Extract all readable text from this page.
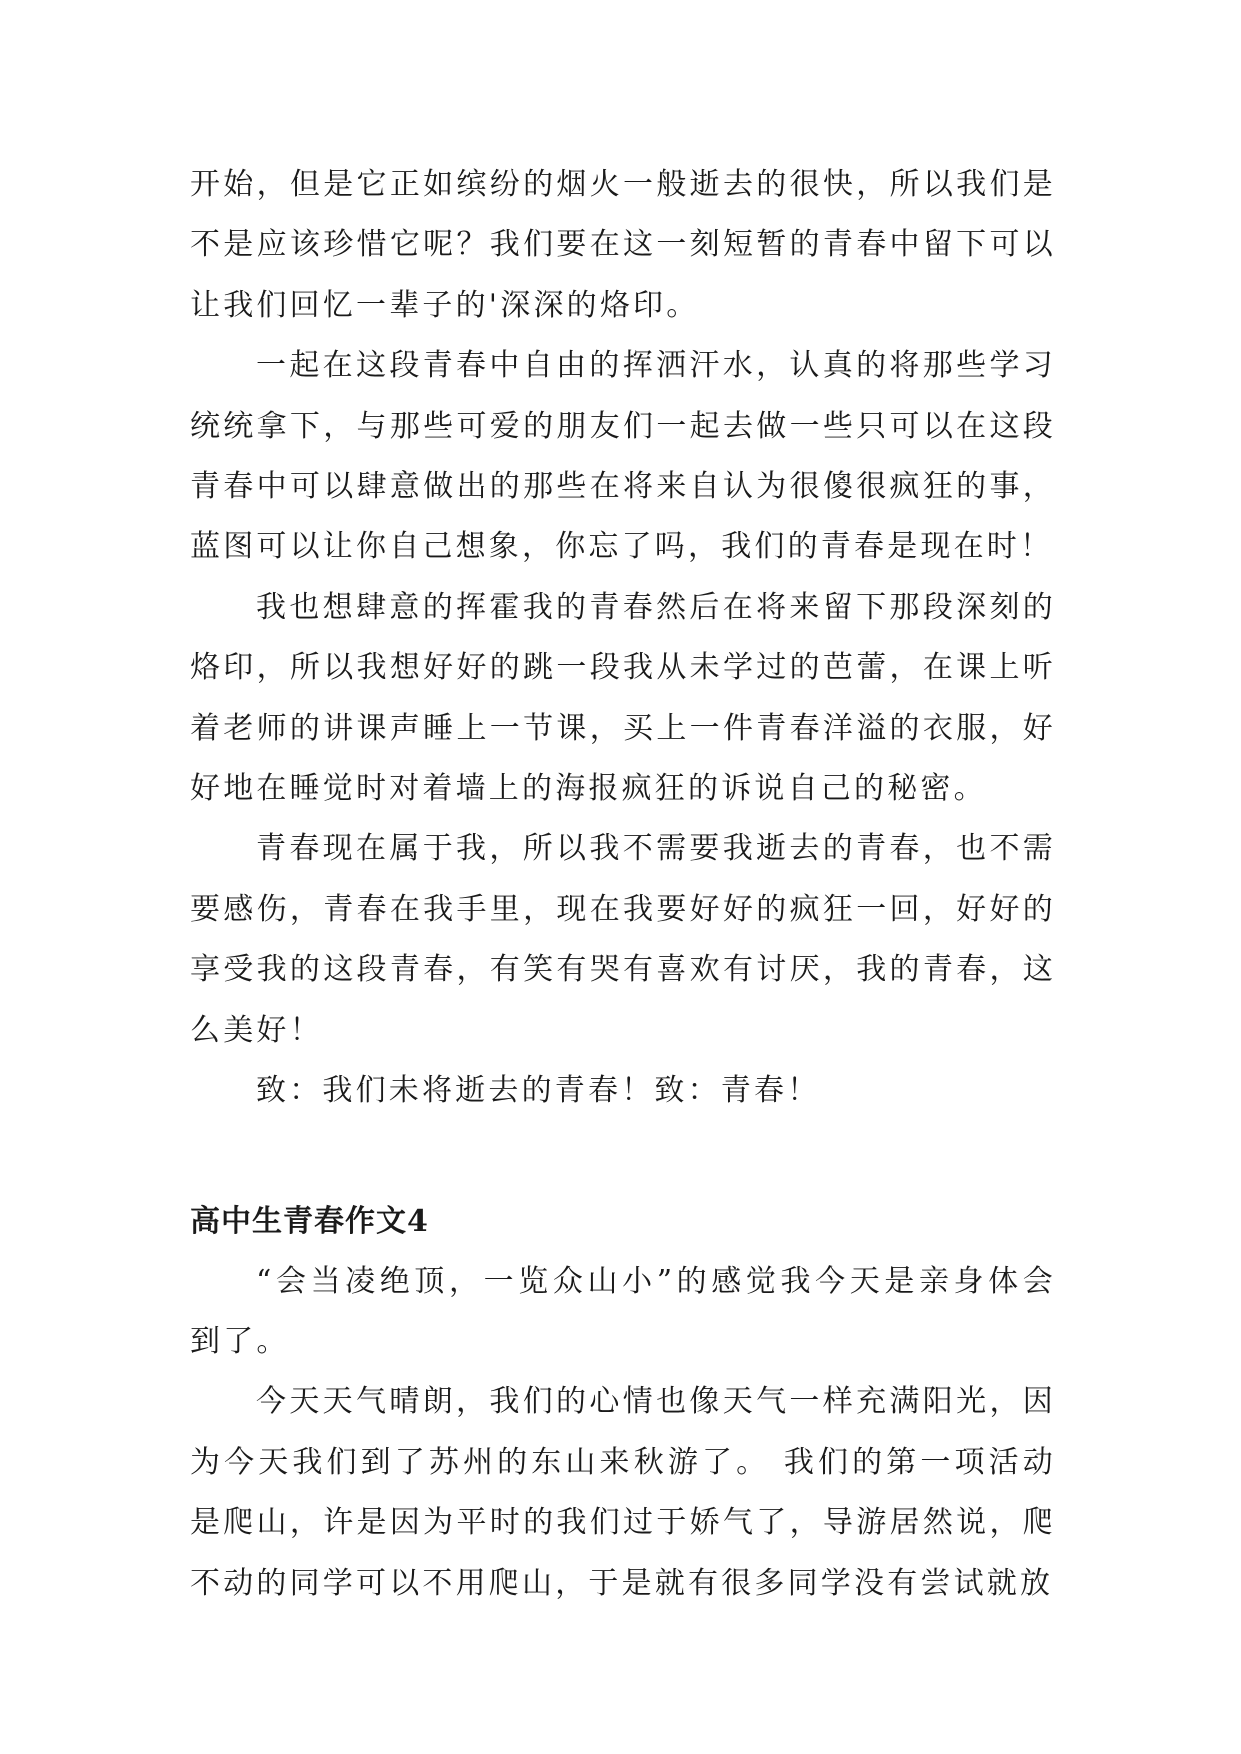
开始，但是它正如缤纷的烟火一般逝去的很快，所以我们是不是应该珍惜它呢？我们要在这一刻短暂的青春中留下可以让我们回忆一辈子的'深深的烙印。

一起在这段青春中自由的挥洒汗水，认真的将那些学习统统拿下，与那些可爱的朋友们一起去做一些只可以在这段青春中可以肆意做出的那些在将来自认为很傻很疯狂的事，蓝图可以让你自己想象，你忘了吗，我们的青春是现在时！

我也想肆意的挥霍我的青春然后在将来留下那段深刻的烙印，所以我想好好的跳一段我从未学过的芭蕾，在课上听着老师的讲课声睡上一节课，买上一件青春洋溢的衣服，好好地在睡觉时对着墙上的海报疯狂的诉说自己的秘密。

青春现在属于我，所以我不需要我逝去的青春，也不需要感伤，青春在我手里，现在我要好好的疯狂一回，好好的享受我的这段青春，有笑有哭有喜欢有讨厌，我的青春，这么美好！

致：我们未将逝去的青春！致：青春！

高中生青春作文4

“会当凌绝顶，一览众山小”的感觉我今天是亲身体会到了。

今天天气晴朗，我们的心情也像天气一样充满阳光，因为今天我们到了苏州的东山来秋游了。 我们的第一项活动是爬山，许是因为平时的我们过于娇气了，导游居然说，爬不动的同学可以不用爬山，于是就有很多同学没有尝试就放
